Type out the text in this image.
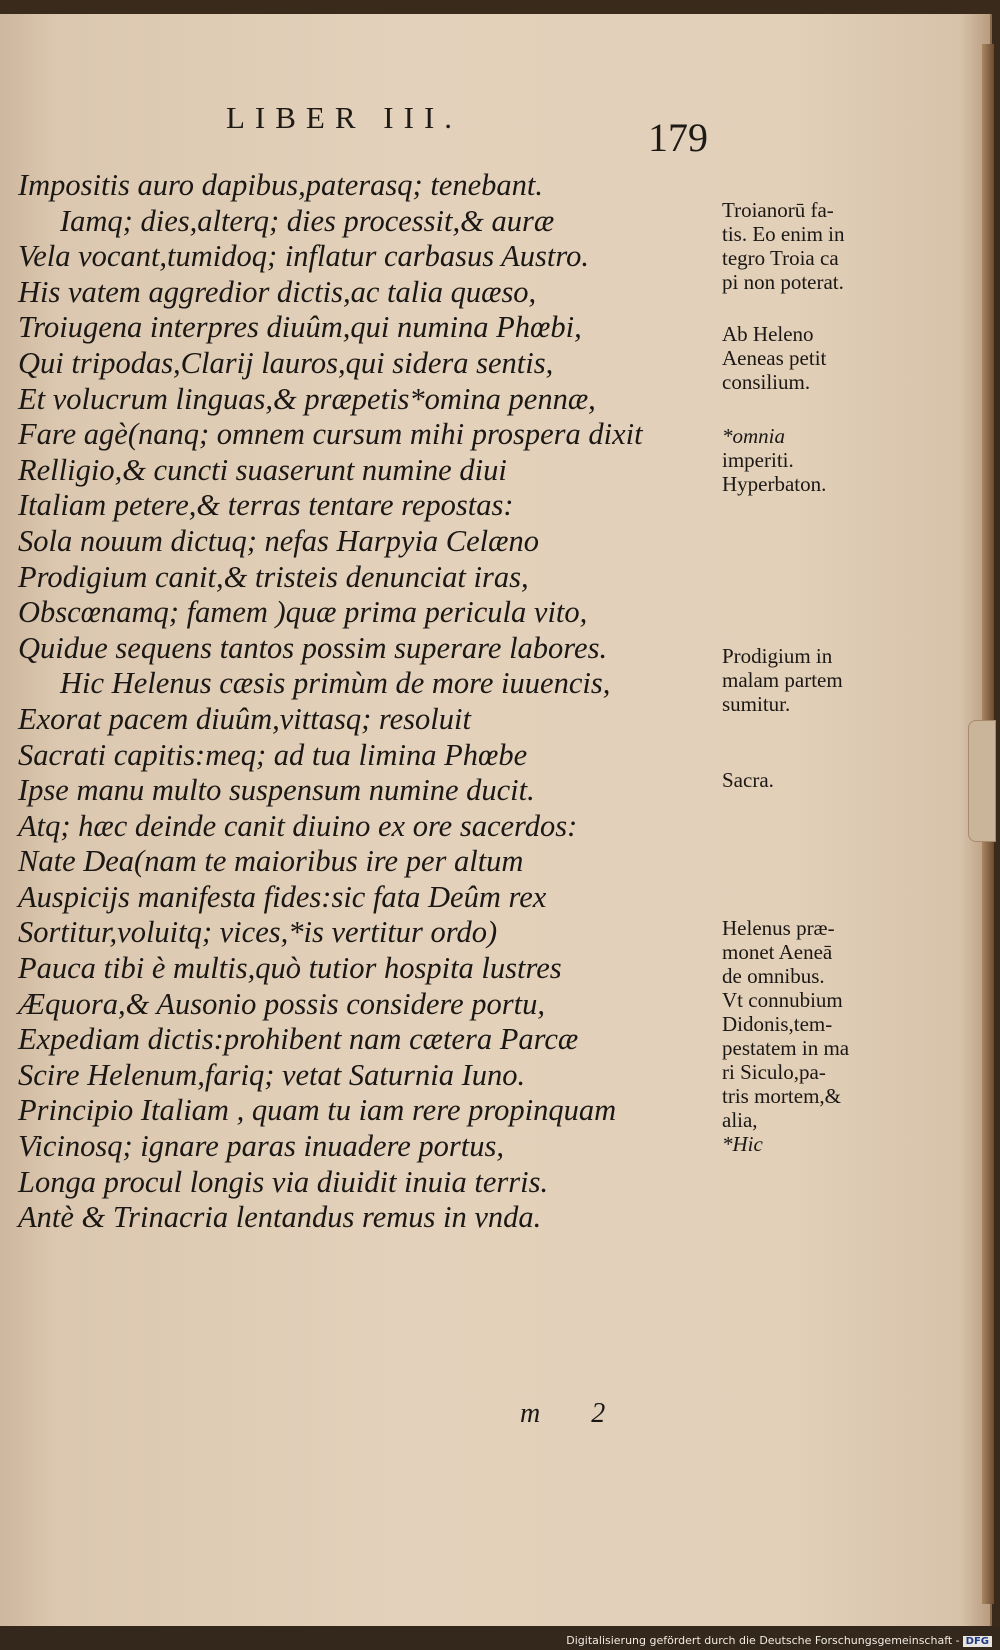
LIBER III.	179
Impositis auro dapibus,paterasq; tenebant.
Iamq; dies,alterq; dies processit,& auræ
Vela vocant,tumidoq; inflatur carbasus Austro.
His vatem aggredior dictis,ac talia quæso,
Troiugena interpres diuûm,qui numina Phœbi,
Qui tripodas,Clarij lauros,qui sidera sentis,
Et volucrum linguas,& præpetis*omina pennæ,
Fare agè(nanq; omnem cursum mihi prospera dixit
Relligio,& cuncti suaserunt numine diui
Italiam petere,& terras tentare repostas:
Sola nouum dictuq; nefas Harpyia Celæno
Prodigium canit,& tristeis denunciat iras,
Obscœnamq; famem )quæ prima pericula vito,
Quidue sequens tantos possim superare labores.
Hic Helenus cæsis primùm de more iuuencis,
Exorat pacem diuûm,vittasq; resoluit
Sacrati capitis:meq; ad tua limina Phœbe
Ipse manu multo suspensum numine ducit.
Atq; hæc deinde canit diuino ex ore sacerdos:
Nate Dea(nam te maioribus ire per altum
Auspicijs manifesta fides:sic fata Deûm rex
Sortitur,voluitq; vices,*is vertitur ordo)
Pauca tibi è multis,quò tutior hospita lustres
Æquora,& Ausonio possis considere portu,
Expediam dictis:prohibent nam cætera Parcæ
Scire Helenum,fariq; vetat Saturnia Iuno.
Principio Italiam , quam tu iam rere propinquam
Vicinosq; ignare paras inuadere portus,
Longa procul longis via diuidit inuia terris.
Antè & Trinacria lentandus remus in vnda.
m 2
Troianorū fa-
tis. Eo enim in
tegro Troia ca
pi non poterat.
Ab Heleno
Aeneas petit
consilium.
*omnia
imperiti.
Hyperbaton.
Prodigium in
malam partem
sumitur.
Sacra.
Helenus præ-
monet Aeneā
de omnibus.
Vt connubium
Didonis,tem-
pestatem in ma
ri Siculo,pa-
tris mortem,&
alia,
*Hic
Digitalisierung gefördert durch die Deutsche Forschungsgemeinschaft - DFG
